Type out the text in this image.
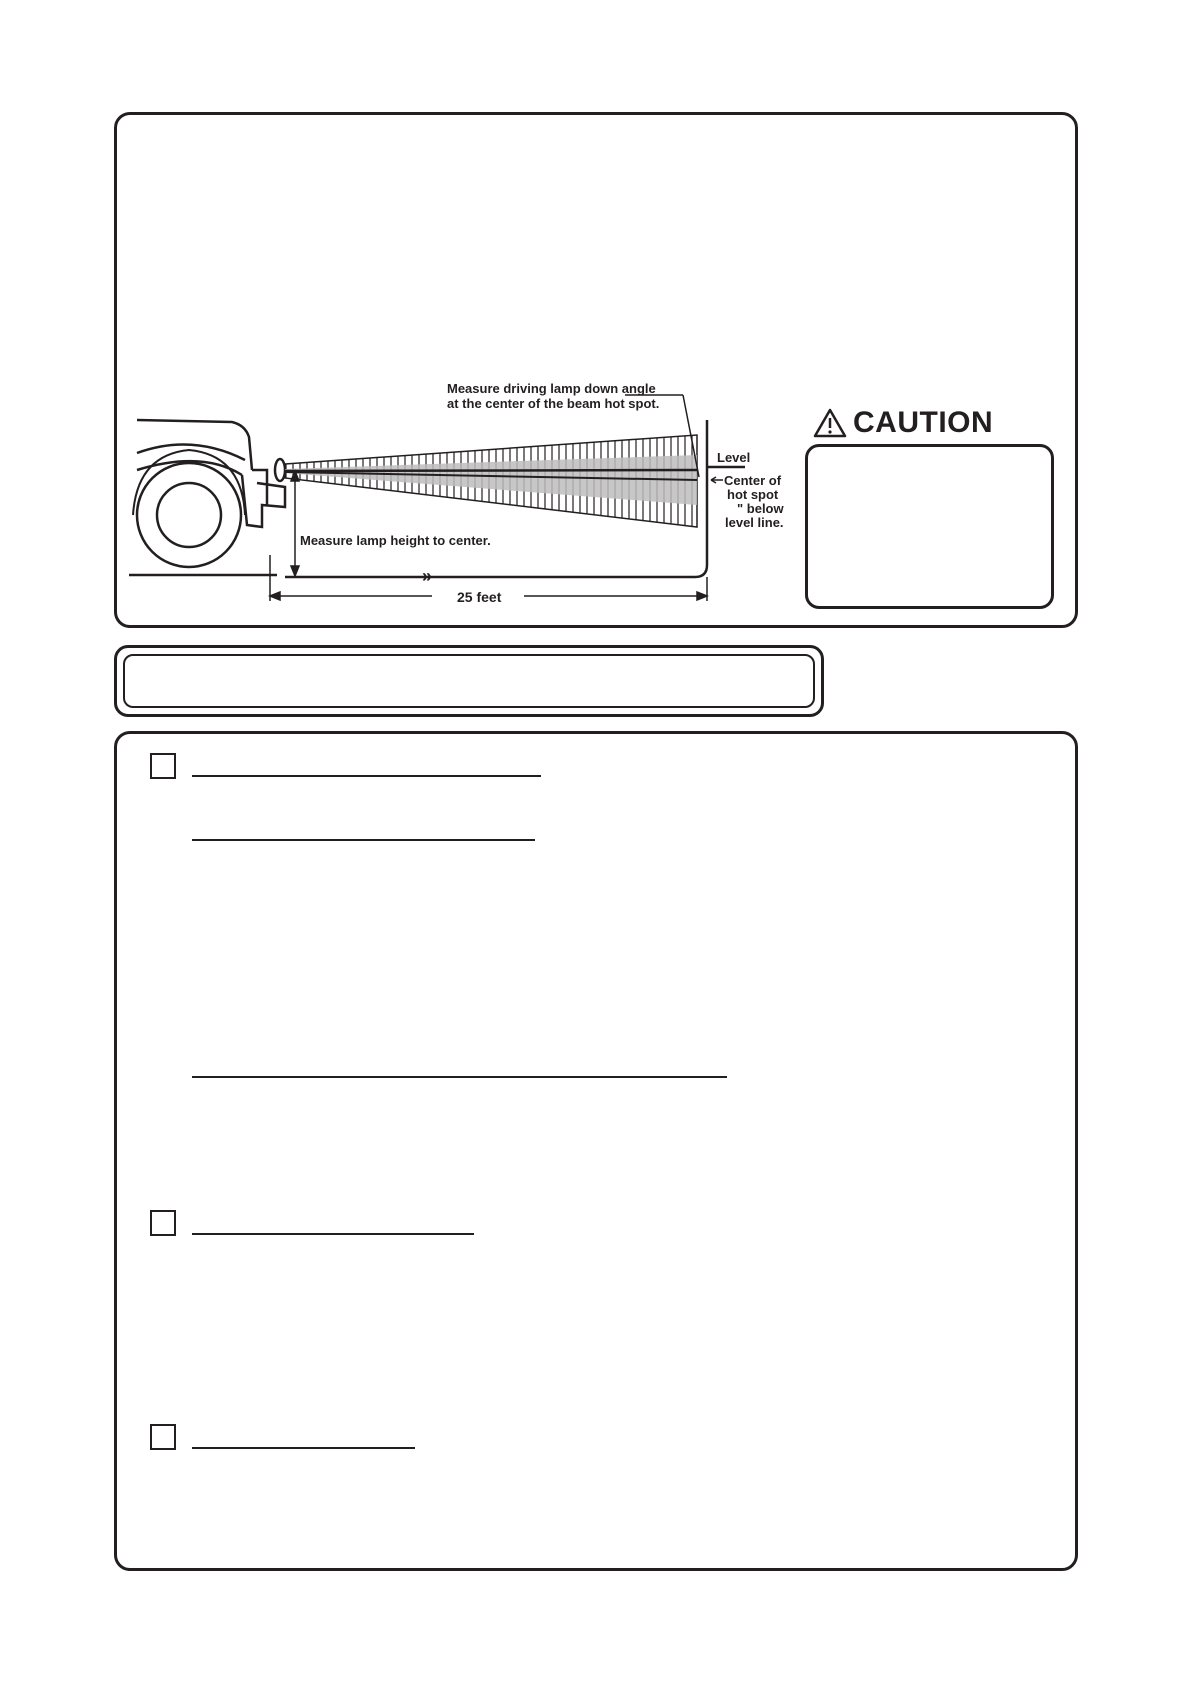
Measure driving lamp down angle
at the center of the beam hot spot.
Level
Center of
hot spot
" below
level line.
Measure lamp height to center.
25 feet
»
CAUTION
